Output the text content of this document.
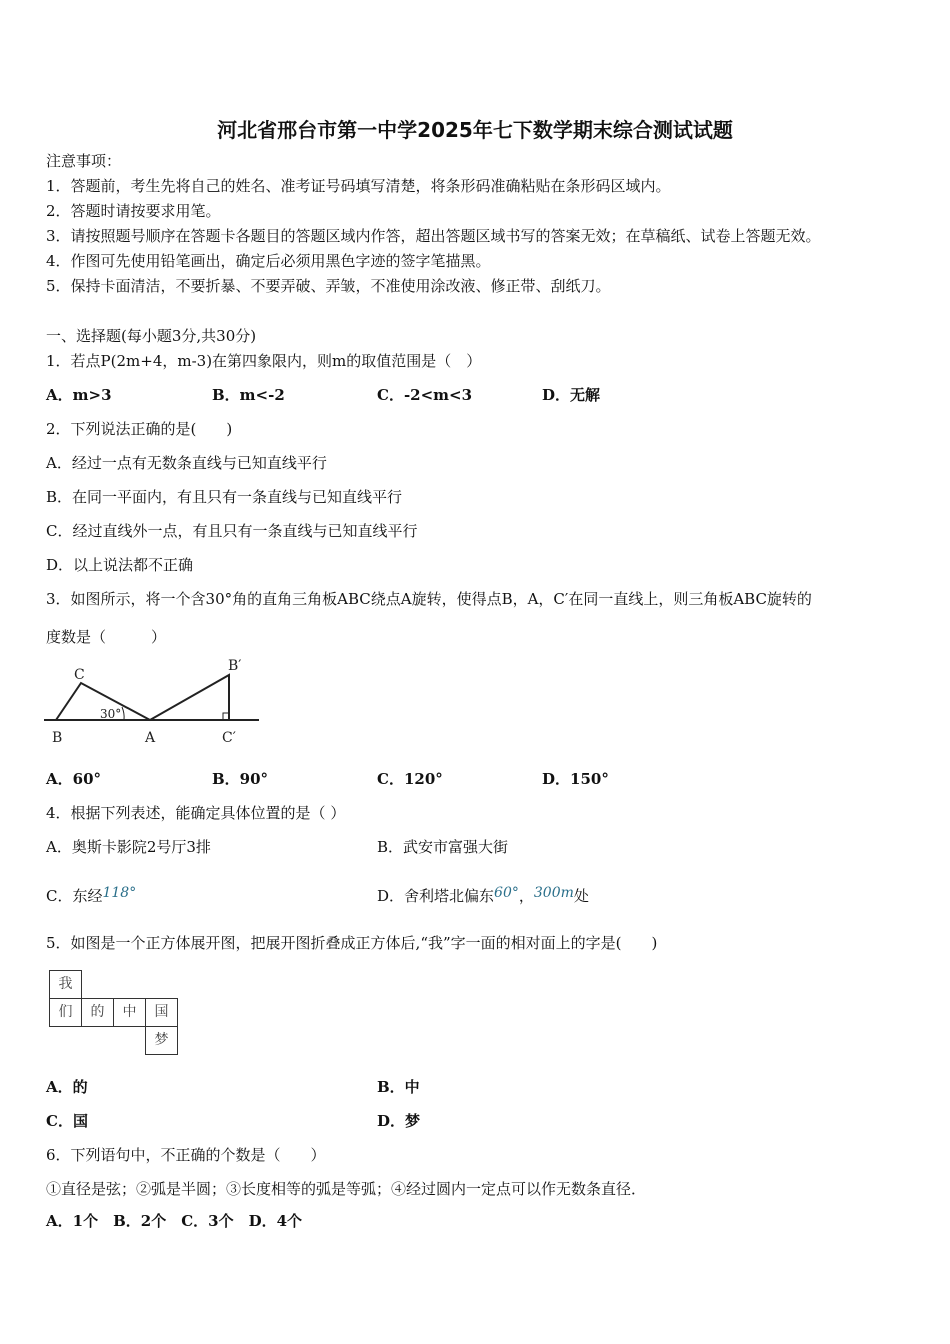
河北省邢台市第一中学2025年七下数学期末综合测试试题
注意事项：
1．答题前，考生先将自己的姓名、准考证号码填写清楚，将条形码准确粘贴在条形码区域内。
2．答题时请按要求用笔。
3．请按照题号顺序在答题卡各题目的答题区域内作答，超出答题区域书写的答案无效；在草稿纸、试卷上答题无效。
4．作图可先使用铅笔画出，确定后必须用黑色字迹的签字笔描黑。
5．保持卡面清洁，不要折暴、不要弄破、弄皱，不准使用涂改液、修正带、刮纸刀。
一、选择题(每小题3分,共30分)
1．若点P(2m+4，m-3)在第四象限内，则m的取值范围是（　）
A．m>3	B．m<-2	C．-2<m<3	D．无解
2．下列说法正确的是(　　)
A．经过一点有无数条直线与已知直线平行
B．在同一平面内，有且只有一条直线与已知直线平行
C．经过直线外一点，有且只有一条直线与已知直线平行
D．以上说法都不正确
3．如图所示，将一个含30°角的直角三角板ABC绕点A旋转，使得点B，A，C′在同一直线上，则三角板ABC旋转的
度数是（　　　）
C
B	A
B′
C′
30°
A．60°	B．90°	C．120°	D．150°
4．根据下列表述，能确定具体位置的是（ ）
A．奥斯卡影院2号厅3排	B．武安市富强大街
C．东经118°	D．舍利塔北偏东60°，300m处
5．如图是一个正方体展开图，把展开图折叠成正方体后,“我”字一面的相对面上的字是(　　)
我
们	的	中	国
梦
A．的	B．中
C．国	D．梦
6．下列语句中，不正确的个数是（　　）
①直径是弦；②弧是半圆；③长度相等的弧是等弧；④经过圆内一定点可以作无数条直径．
A．1个　B．2个　C．3个　D．4个
